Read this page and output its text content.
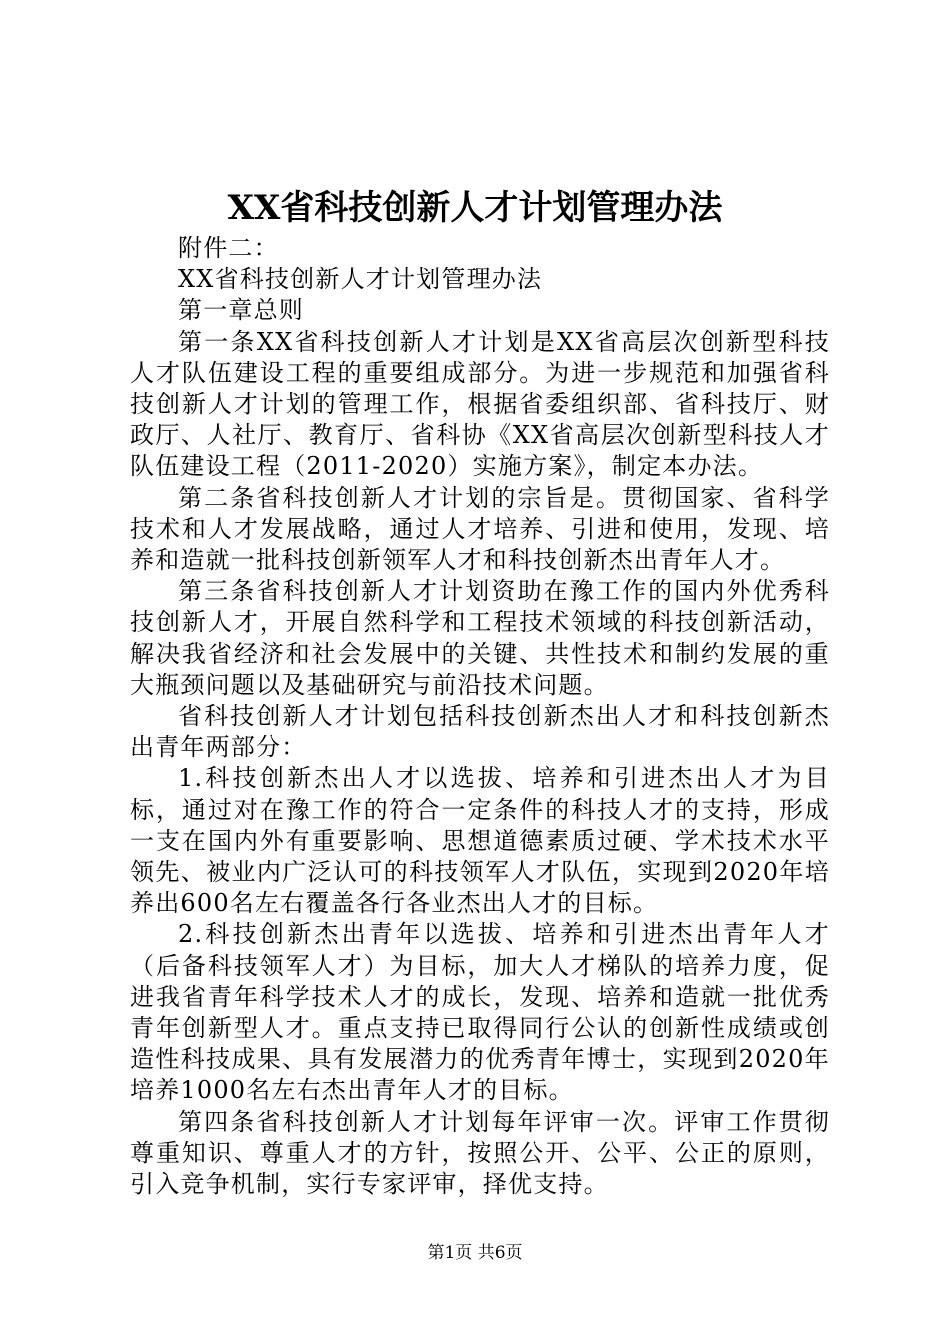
XX省科技创新人才计划管理办法

附件二：

XX省科技创新人才计划管理办法

第一章总则

第一条XX省科技创新人才计划是XX省高层次创新型科技人才队伍建设工程的重要组成部分。为进一步规范和加强省科技创新人才计划的管理工作，根据省委组织部、省科技厅、财政厅、人社厅、教育厅、省科协《XX省高层次创新型科技人才队伍建设工程（2011-2020）实施方案》，制定本办法。

第二条省科技创新人才计划的宗旨是。贯彻国家、省科学技术和人才发展战略，通过人才培养、引进和使用，发现、培养和造就一批科技创新领军人才和科技创新杰出青年人才。

第三条省科技创新人才计划资助在豫工作的国内外优秀科技创新人才，开展自然科学和工程技术领域的科技创新活动，解决我省经济和社会发展中的关键、共性技术和制约发展的重大瓶颈问题以及基础研究与前沿技术问题。

省科技创新人才计划包括科技创新杰出人才和科技创新杰出青年两部分：

1.科技创新杰出人才以选拔、培养和引进杰出人才为目标，通过对在豫工作的符合一定条件的科技人才的支持，形成一支在国内外有重要影响、思想道德素质过硬、学术技术水平领先、被业内广泛认可的科技领军人才队伍，实现到2020年培养出600名左右覆盖各行各业杰出人才的目标。

2.科技创新杰出青年以选拔、培养和引进杰出青年人才（后备科技领军人才）为目标，加大人才梯队的培养力度，促进我省青年科学技术人才的成长，发现、培养和造就一批优秀青年创新型人才。重点支持已取得同行公认的创新性成绩或创造性科技成果、具有发展潜力的优秀青年博士，实现到2020年培养1000名左右杰出青年人才的目标。

第四条省科技创新人才计划每年评审一次。评审工作贯彻尊重知识、尊重人才的方针，按照公开、公平、公正的原则，引入竞争机制，实行专家评审，择优支持。

第1页 共6页
